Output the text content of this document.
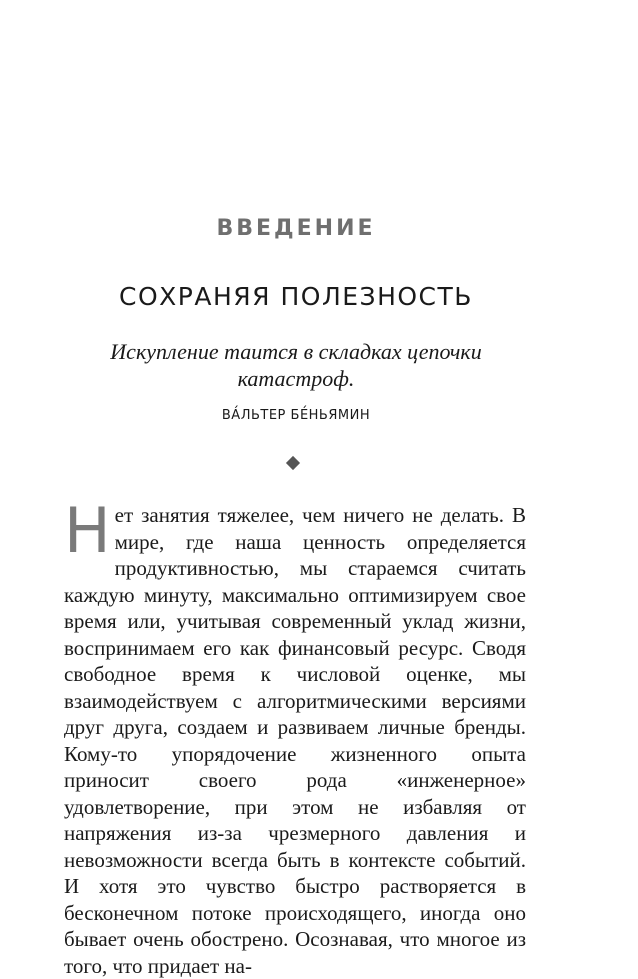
ВВЕДЕНИЕ
СОХРАНЯЯ ПОЛЕЗНОСТЬ
Искупление таится в складках цепочки катастроф.
ВА́ЛЬТЕР БЕ́НЬЯМИН
Нет занятия тяжелее, чем ничего не делать. В мире, где наша ценность определяется продуктивностью, мы стараемся считать каждую минуту, максимально оптимизируем свое время или, учитывая современный уклад жизни, воспринимаем его как финансовый ресурс. Сводя свободное время к числовой оценке, мы взаимодействуем с алгоритмическими версиями друг друга, создаем и развиваем личные бренды. Кому-то упорядочение жизненного опыта приносит своего рода «инженерное» удовлетворение, при этом не избавляя от напряжения из-за чрезмерного давления и невозможности всегда быть в контексте событий. И хотя это чувство быстро растворяется в бесконечном потоке происходящего, иногда оно бывает очень обострено. Осознавая, что многое из того, что придает на-
